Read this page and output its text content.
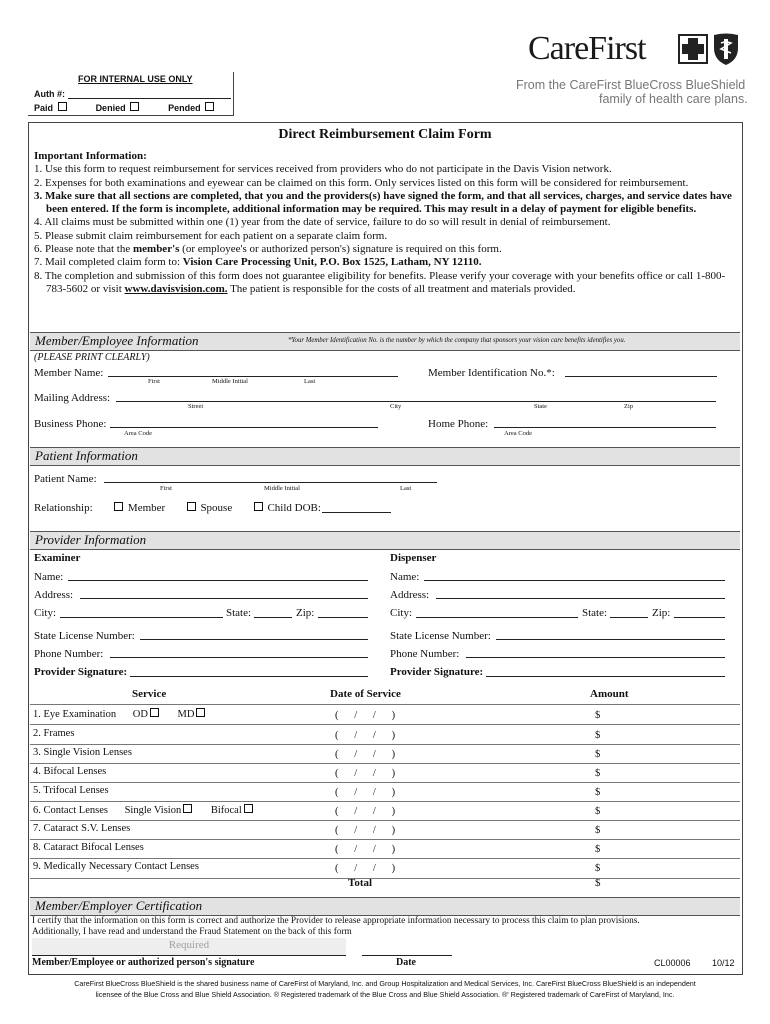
FOR INTERNAL USE ONLY
Auth #:
Paid	Denied	Pended
CareFirst
From the CareFirst BlueCross BlueShield
family of health care plans.
Direct Reimbursement Claim Form
Important Information:

1. Use this form to request reimbursement for services received from providers who do not participate in the Davis Vision network.

2. Expenses for both examinations and eyewear can be claimed on this form. Only services listed on this form will be considered for reimbursement.

3. Make sure that all sections are completed, that you and the providers(s) have signed the form, and that all services, charges, and service dates have been entered. If the form is incomplete, additional information may be required. This may result in a delay of payment for eligible benefits.

4. All claims must be submitted within one (1) year from the date of service, failure to do so will result in denial of reimbursement.

5. Please submit claim reimbursement for each patient on a separate claim form.

6. Please note that the member's (or employee's or authorized person's) signature is required on this form.

7. Mail completed claim form to: Vision Care Processing Unit, P.O. Box 1525, Latham, NY 12110.

8. The completion and submission of this form does not guarantee eligibility for benefits. Please verify your coverage with your benefits office or call 1-800-783-5602 or visit www.davisvision.com. The patient is responsible for the costs of all treatment and materials provided.

Member/Employee Information	*Your Member Identification No. is the number by which the company that sponsors your vision care benefits identifies you.
(PLEASE PRINT CLEARLY)
Member Name:
First	Middle Initial	Last
Member Identification No.*:
Mailing Address:
Street	City	State	Zip
Business Phone:
Area Code
Home Phone:
Area Code
Patient Information
Patient Name:
First	Middle Initial	Last
Relationship:	Member	Spouse	Child DOB:
Provider Information
Examiner
Name:
Address:
City:	State:	Zip:
State License Number:
Phone Number:
Provider Signature:
Dispenser
Name:
Address:
City:	State:	Zip:
State License Number:
Phone Number:
Provider Signature:
Service	Date of Service	Amount
1. Eye Examination OD	MD	(      /      /      )	$
2. Frames	(      /      /      )	$
3. Single Vision Lenses	(      /      /      )	$
4. Bifocal Lenses	(      /      /      )	$
5. Trifocal Lenses	(      /      /      )	$
6. Contact Lenses Single Vision	Bifocal	(      /      /      )	$
7. Cataract S.V. Lenses	(      /      /      )	$
8. Cataract Bifocal Lenses	(      /      /      )	$
9. Medically Necessary Contact Lenses	(      /      /      )	$
Total	$
Member/Employer Certification
I certify that the information on this form is correct and authorize the Provider to release appropriate information necessary to process this claim to plan provisions.
Additionally, I have read and understand the Fraud Statement on the back of this form
Required
Member/Employee or authorized person's signature	Date	CL00006 10/12
CareFirst BlueCross BlueShield is the shared business name of CareFirst of Maryland, Inc. and Group Hospitalization and Medical Services, Inc. CareFirst BlueCross BlueShield is an independent
licensee of the Blue Cross and Blue Shield Association. ® Registered trademark of the Blue Cross and Blue Shield Association. ®' Registered trademark of CareFirst of Maryland, Inc.
